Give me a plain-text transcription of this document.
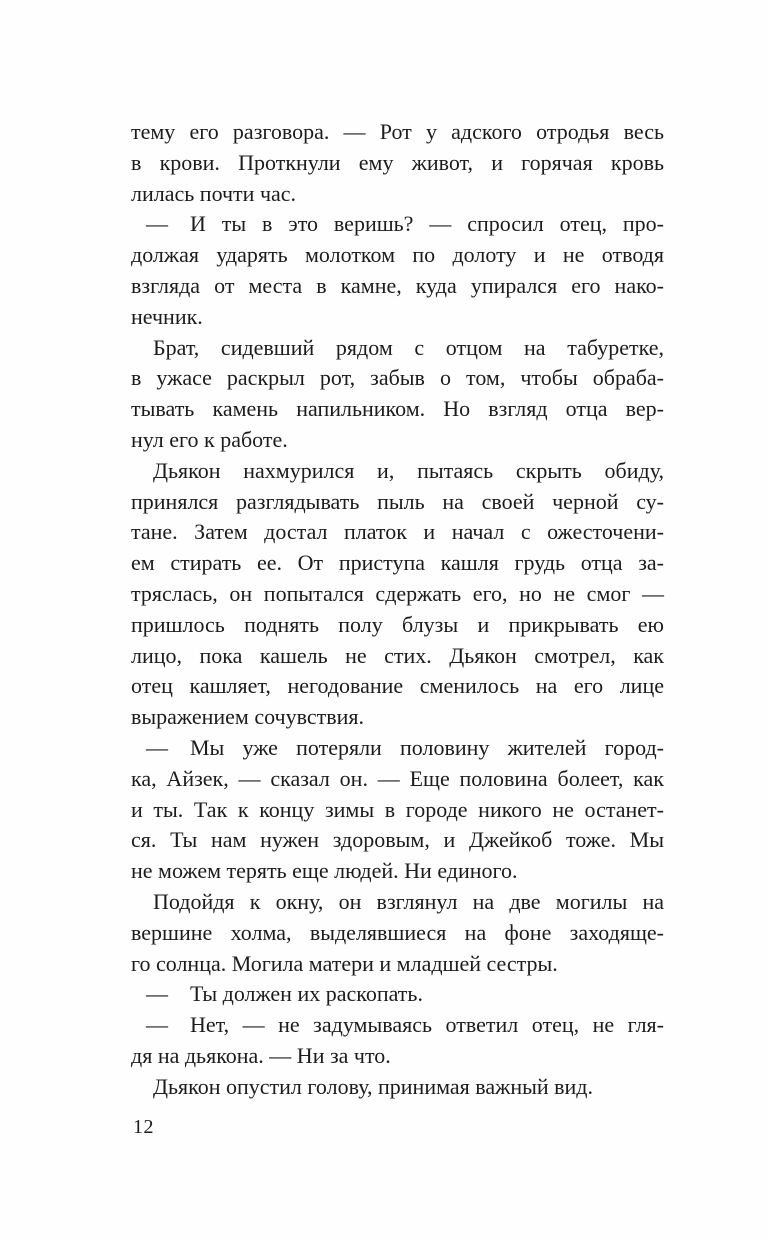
тему его разговора. — Рот у адского отродья весь
в крови. Проткнули ему живот, и горячая кровь
лилась почти час.
— И ты в это веришь? — спросил отец, про-
должая ударять молотком по долоту и не отводя
взгляда от места в камне, куда упирался его нако-
нечник.
Брат, сидевший рядом с отцом на табуретке,
в ужасе раскрыл рот, забыв о том, чтобы обраба-
тывать камень напильником. Но взгляд отца вер-
нул его к работе.
Дьякон нахмурился и, пытаясь скрыть обиду,
принялся разглядывать пыль на своей черной су-
тане. Затем достал платок и начал с ожесточени-
ем стирать ее. От приступа кашля грудь отца за-
тряслась, он попытался сдержать его, но не смог —
пришлось поднять полу блузы и прикрывать ею
лицо, пока кашель не стих. Дьякон смотрел, как
отец кашляет, негодование сменилось на его лице
выражением сочувствия.
— Мы уже потеряли половину жителей город-
ка, Айзек, — сказал он. — Еще половина болеет, как
и ты. Так к концу зимы в городе никого не останет-
ся. Ты нам нужен здоровым, и Джейкоб тоже. Мы
не можем терять еще людей. Ни единого.
Подойдя к окну, он взглянул на две могилы на
вершине холма, выделявшиеся на фоне заходяще-
го солнца. Могила матери и младшей сестры.
— Ты должен их раскопать.
— Нет, — не задумываясь ответил отец, не гля-
дя на дьякона. — Ни за что.
Дьякон опустил голову, принимая важный вид.
12
